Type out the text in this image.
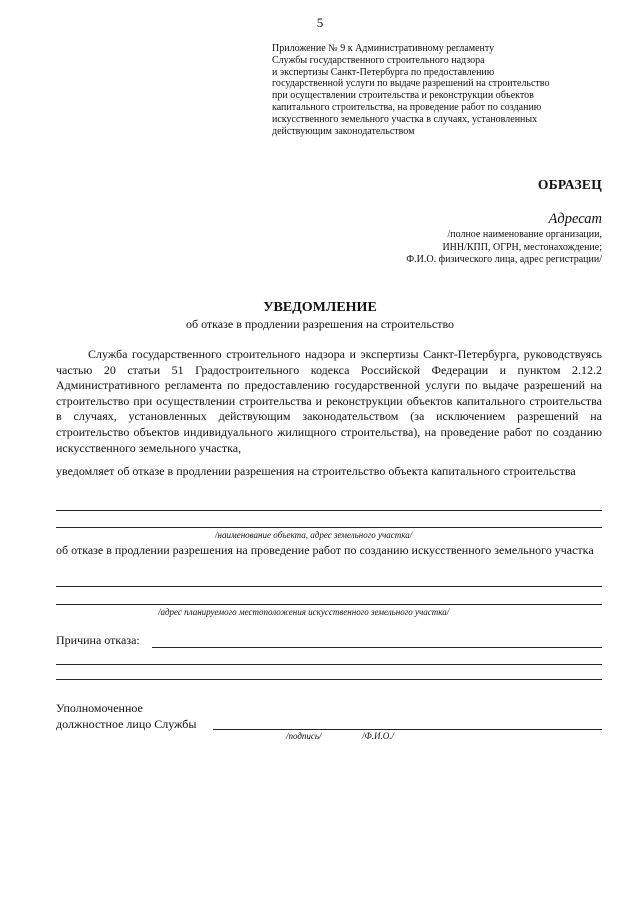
5
Приложение № 9 к Административному регламенту
Службы государственного строительного надзора
и экспертизы Санкт-Петербурга по предоставлению
государственной услуги по выдаче разрешений на строительство
при осуществлении строительства и реконструкции объектов
капитального строительства, на проведение работ по созданию
искусственного земельного участка в случаях, установленных
действующим законодательством
ОБРАЗЕЦ
Адресат
/полное наименование организации,
ИНН/КПП, ОГРН, местонахождение;
Ф.И.О. физического лица, адрес регистрации/
УВЕДОМЛЕНИЕ
об отказе в продлении разрешения на строительство
Служба государственного строительного надзора и экспертизы Санкт-Петербурга, руководствуясь частью 20 статьи 51 Градостроительного кодекса Российской Федерации и пунктом 2.12.2 Административного регламента по предоставлению государственной услуги по выдаче разрешений на строительство при осуществлении строительства и реконструкции объектов капитального строительства в случаях, установленных действующим законодательством (за исключением разрешений на строительство объектов индивидуального жилищного строительства), на проведение работ по созданию искусственного земельного участка,
уведомляет об отказе в продлении разрешения на строительство объекта капитального строительства
/наименование объекта, адрес земельного участка/
об отказе в продлении разрешения на проведение работ по созданию искусственного земельного участка
/адрес планируемого местоположения искусственного земельного участка/
Причина отказа:
Уполномоченное
должностное лицо Службы
/подпись/	/Ф.И.О./
